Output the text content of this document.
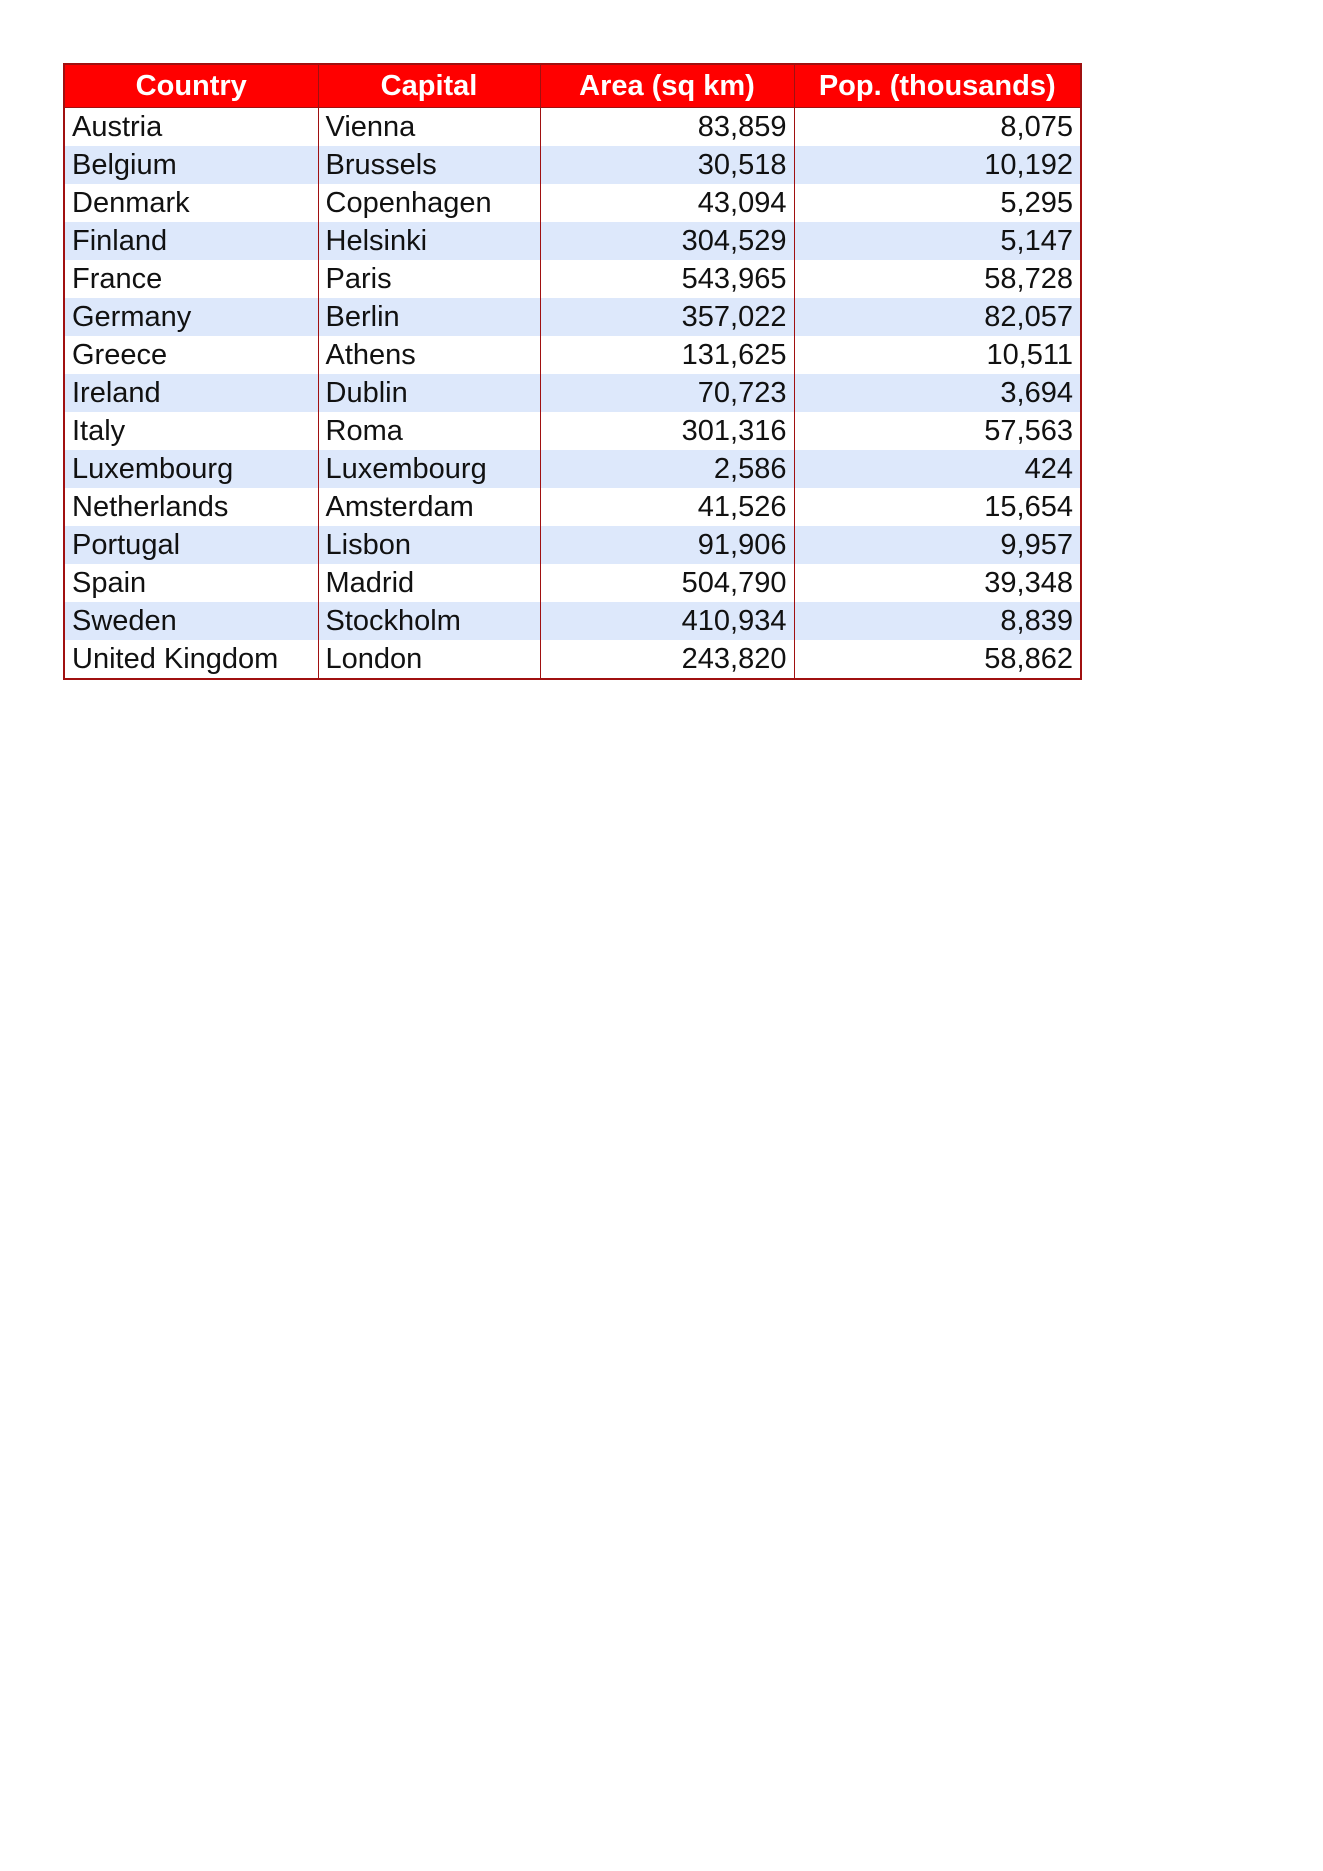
Country	Capital	Area (sq km)	Pop. (thousands)
Austria	Vienna	83,859	8,075
Belgium	Brussels	30,518	10,192
Denmark	Copenhagen	43,094	5,295
Finland	Helsinki	304,529	5,147
France	Paris	543,965	58,728
Germany	Berlin	357,022	82,057
Greece	Athens	131,625	10,511
Ireland	Dublin	70,723	3,694
Italy	Roma	301,316	57,563
Luxembourg	Luxembourg	2,586	424
Netherlands	Amsterdam	41,526	15,654
Portugal	Lisbon	91,906	9,957
Spain	Madrid	504,790	39,348
Sweden	Stockholm	410,934	8,839
United Kingdom	London	243,820	58,862
